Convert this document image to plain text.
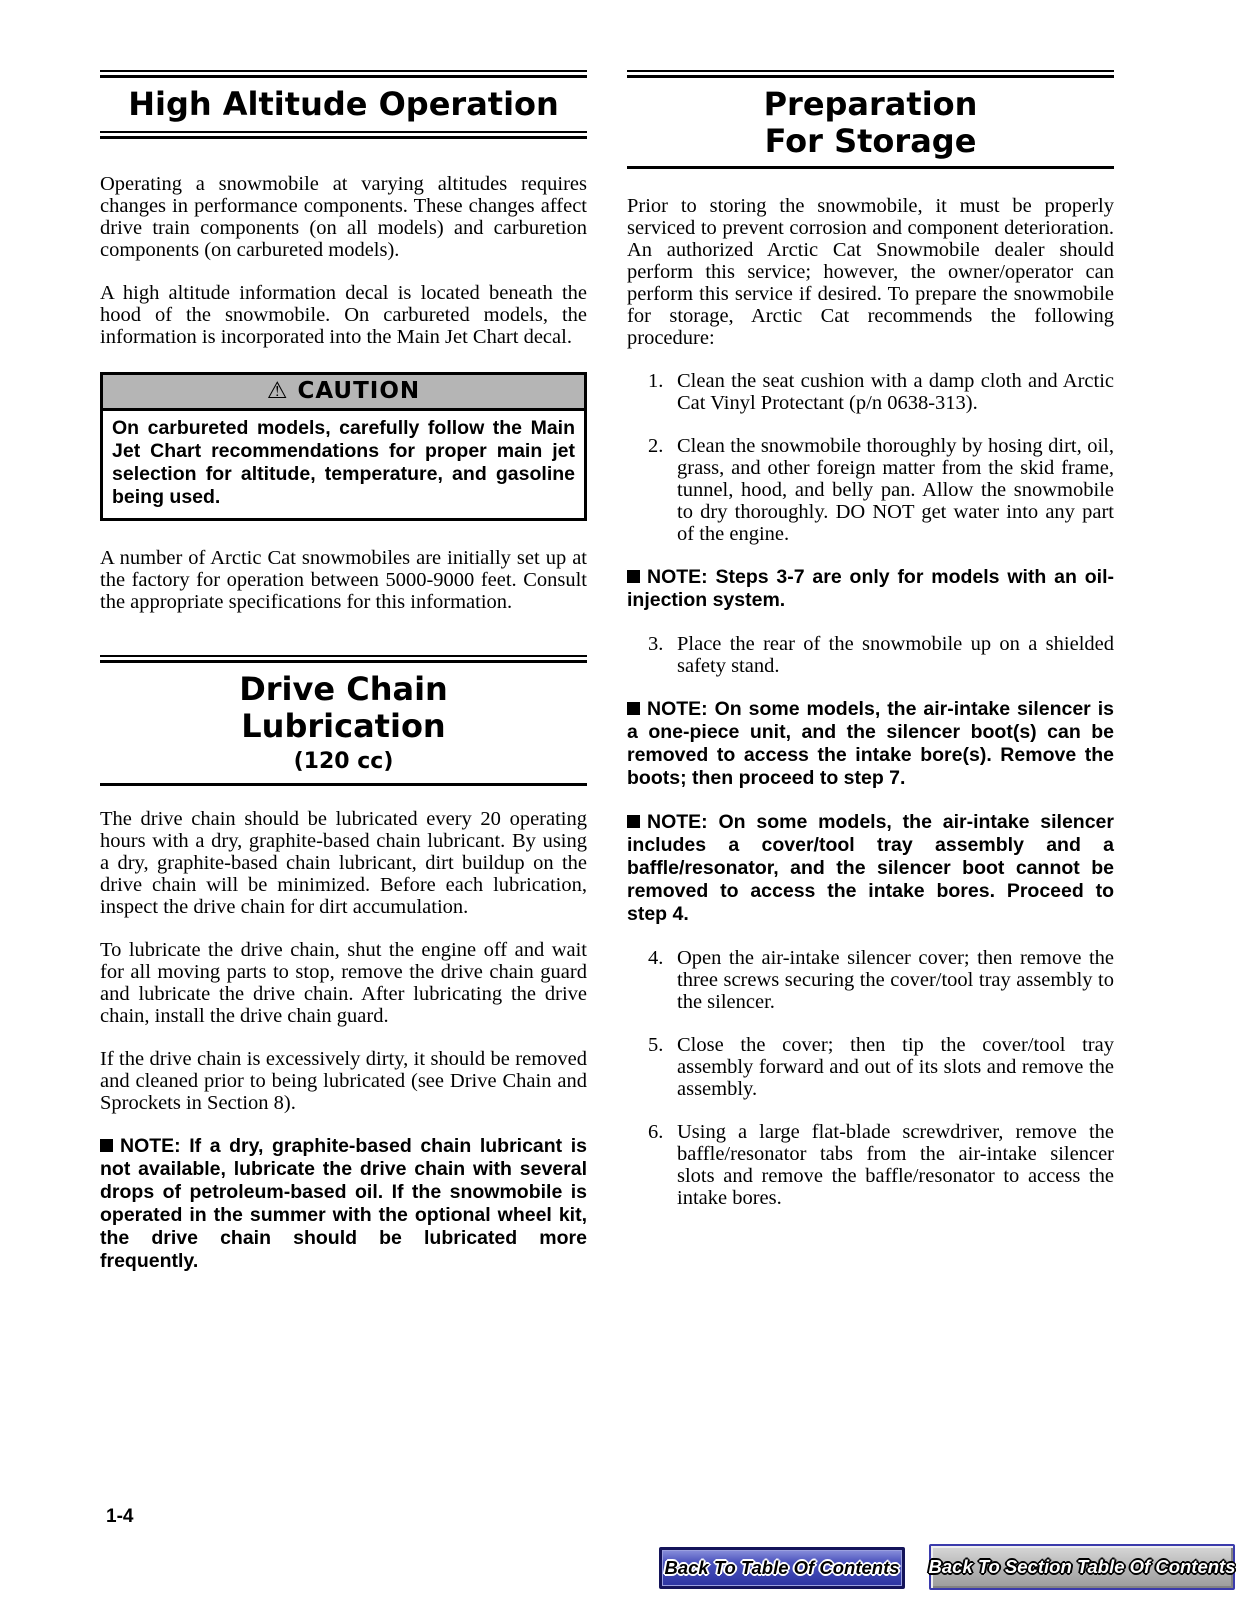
High Altitude Operation

Operating a snowmobile at varying altitudes requires changes in performance components. These changes affect drive train components (on all models) and carburetion components (on carbureted models).

A high altitude information decal is located beneath the hood of the snowmobile. On carbureted models, the information is incorporated into the Main Jet Chart decal.

⚠ CAUTION
On carbureted models, carefully follow the Main Jet Chart recommendations for proper main jet selection for altitude, temperature, and gasoline being used.

A number of Arctic Cat snowmobiles are initially set up at the factory for operation between 5000-9000 feet. Consult the appropriate specifications for this information.

Drive Chain
Lubrication
(120 cc)

The drive chain should be lubricated every 20 operating hours with a dry, graphite-based chain lubricant. By using a dry, graphite-based chain lubricant, dirt buildup on the drive chain will be minimized. Before each lubrication, inspect the drive chain for dirt accumulation.

To lubricate the drive chain, shut the engine off and wait for all moving parts to stop, remove the drive chain guard and lubricate the drive chain. After lubricating the drive chain, install the drive chain guard.

If the drive chain is excessively dirty, it should be removed and cleaned prior to being lubricated (see Drive Chain and Sprockets in Section 8).

NOTE: If a dry, graphite-based chain lubricant is not available, lubricate the drive chain with several drops of petroleum-based oil. If the snowmobile is operated in the summer with the optional wheel kit, the drive chain should be lubricated more frequently.
Preparation
For Storage

Prior to storing the snowmobile, it must be properly serviced to prevent corrosion and component deterioration. An authorized Arctic Cat Snowmobile dealer should perform this service; however, the owner/operator can perform this service if desired. To prepare the snowmobile for storage, Arctic Cat recommends the following procedure:

1. Clean the seat cushion with a damp cloth and Arctic Cat Vinyl Protectant (p/n 0638-313).
2. Clean the snowmobile thoroughly by hosing dirt, oil, grass, and other foreign matter from the skid frame, tunnel, hood, and belly pan. Allow the snowmobile to dry thoroughly. DO NOT get water into any part of the engine.
NOTE: Steps 3-7 are only for models with an oil-injection system.
3. Place the rear of the snowmobile up on a shielded safety stand.
NOTE: On some models, the air-intake silencer is a one-piece unit, and the silencer boot(s) can be removed to access the intake bore(s). Remove the boots; then proceed to step 7.
NOTE: On some models, the air-intake silencer includes a cover/tool tray assembly and a baffle/resonator, and the silencer boot cannot be removed to access the intake bores. Proceed to step 4.
4. Open the air-intake silencer cover; then remove the three screws securing the cover/tool tray assembly to the silencer.
5. Close the cover; then tip the cover/tool tray assembly forward and out of its slots and remove the assembly.
6. Using a large flat-blade screwdriver, remove the baffle/resonator tabs from the air-intake silencer slots and remove the baffle/resonator to access the intake bores.
1-4
Back To Table Of Contents Back To Section Table Of Contents
